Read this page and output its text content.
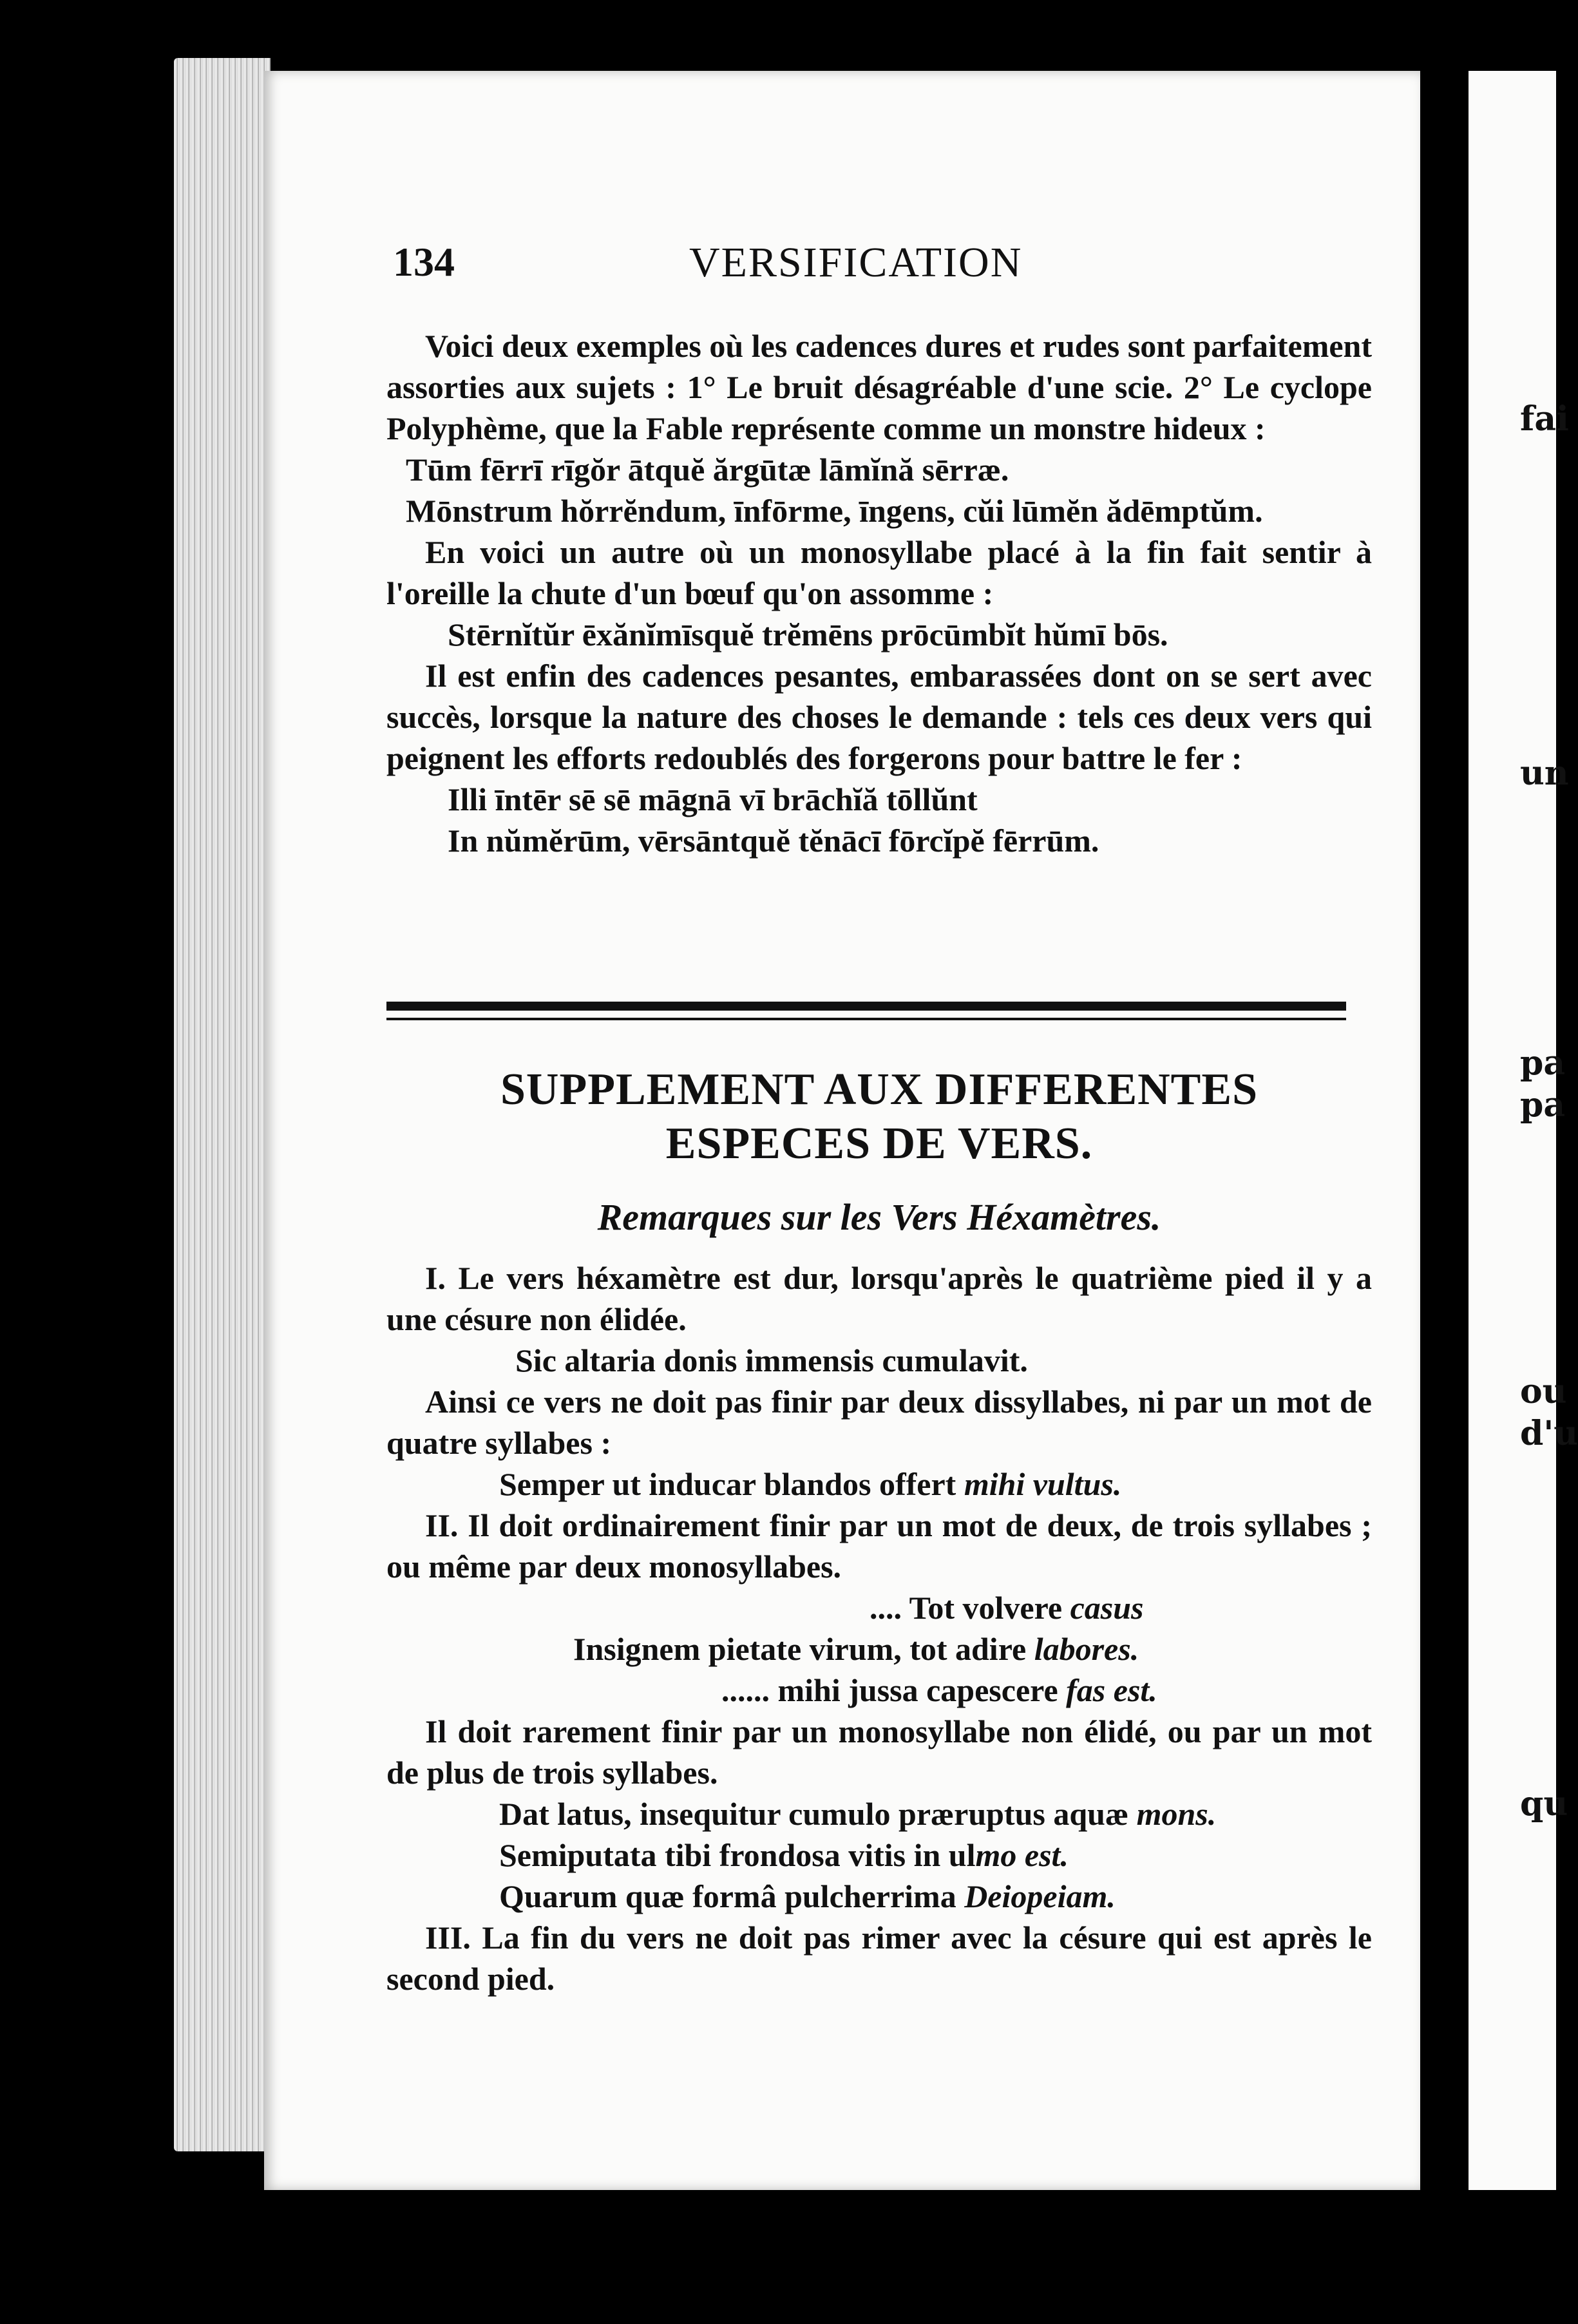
fai
un
pa
pa
ou
d'u
qu
134	VERSIFICATION

Voici deux exemples où les cadences dures et rudes sont parfaitement assorties aux sujets : 1° Le bruit désagréable d'une scie. 2° Le cyclope Polyphème, que la Fable représente comme un monstre hideux :

Tūm fērrī rīgŏr ātquĕ ărgūtæ lāmĭnă sērræ.

Mōnstrum hŏrrĕndum, īnfōrme, īngens, cŭi lūmĕn ădēmptŭm.

En voici un autre où un monosyllabe placé à la fin fait sentir à l'oreille la chute d'un bœuf qu'on assomme :

Stērnĭtŭr ēxănĭmīsquĕ trĕmēns prōcūmbĭt hŭmī bōs.

Il est enfin des cadences pesantes, embarassées dont on se sert avec succès, lorsque la nature des choses le demande : tels ces deux vers qui peignent les efforts redoublés des forgerons pour battre le fer :

Illi īntēr sē sē māgnā vī brāchĭă tōllŭnt

In nŭmĕrūm, vērsāntquĕ tĕnācī fōrcĭpĕ fērrūm.

SUPPLEMENT AUX DIFFERENTES
ESPECES DE VERS.
Remarques sur les Vers Héxamètres.

I. Le vers héxamètre est dur, lorsqu'après le quatrième pied il y a une césure non élidée.

Sic altaria donis immensis cumulavit.

Ainsi ce vers ne doit pas finir par deux dissyllabes, ni par un mot de quatre syllabes :

Semper ut inducar blandos offert mihi vultus.

II. Il doit ordinairement finir par un mot de deux, de trois syllabes ; ou même par deux monosyllabes.

.... Tot volvere casus

Insignem pietate virum, tot adire labores.

...... mihi jussa capescere fas est.

Il doit rarement finir par un monosyllabe non élidé, ou par un mot de plus de trois syllabes.

Dat latus, insequitur cumulo præruptus aquæ mons.

Semiputata tibi frondosa vitis in ulmo est.

Quarum quæ formâ pulcherrima Deiopeiam.

III. La fin du vers ne doit pas rimer avec la césure qui est après le second pied.
